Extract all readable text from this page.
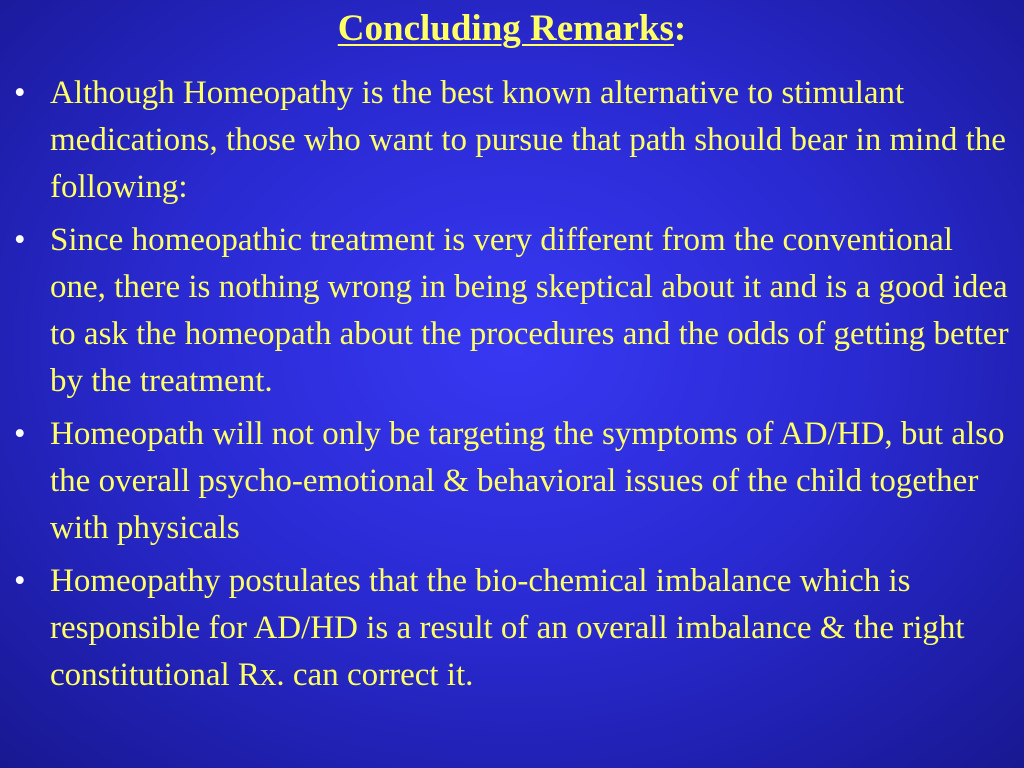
Concluding Remarks:
• Although Homeopathy is the best known alternative to stimulant medications, those who want to pursue that path should bear in mind the following:
• Since homeopathic treatment is very different from the conventional one, there is nothing wrong in being skeptical about it and is a good idea to ask the homeopath about the procedures and the odds of getting better by the treatment.
• Homeopath will not only be targeting the symptoms of AD/HD, but also the overall psycho-emotional & behavioral issues of the child together with physicals
• Homeopathy postulates that the bio-chemical imbalance which is responsible for AD/HD is a result of an overall imbalance & the right constitutional Rx. can correct it.
